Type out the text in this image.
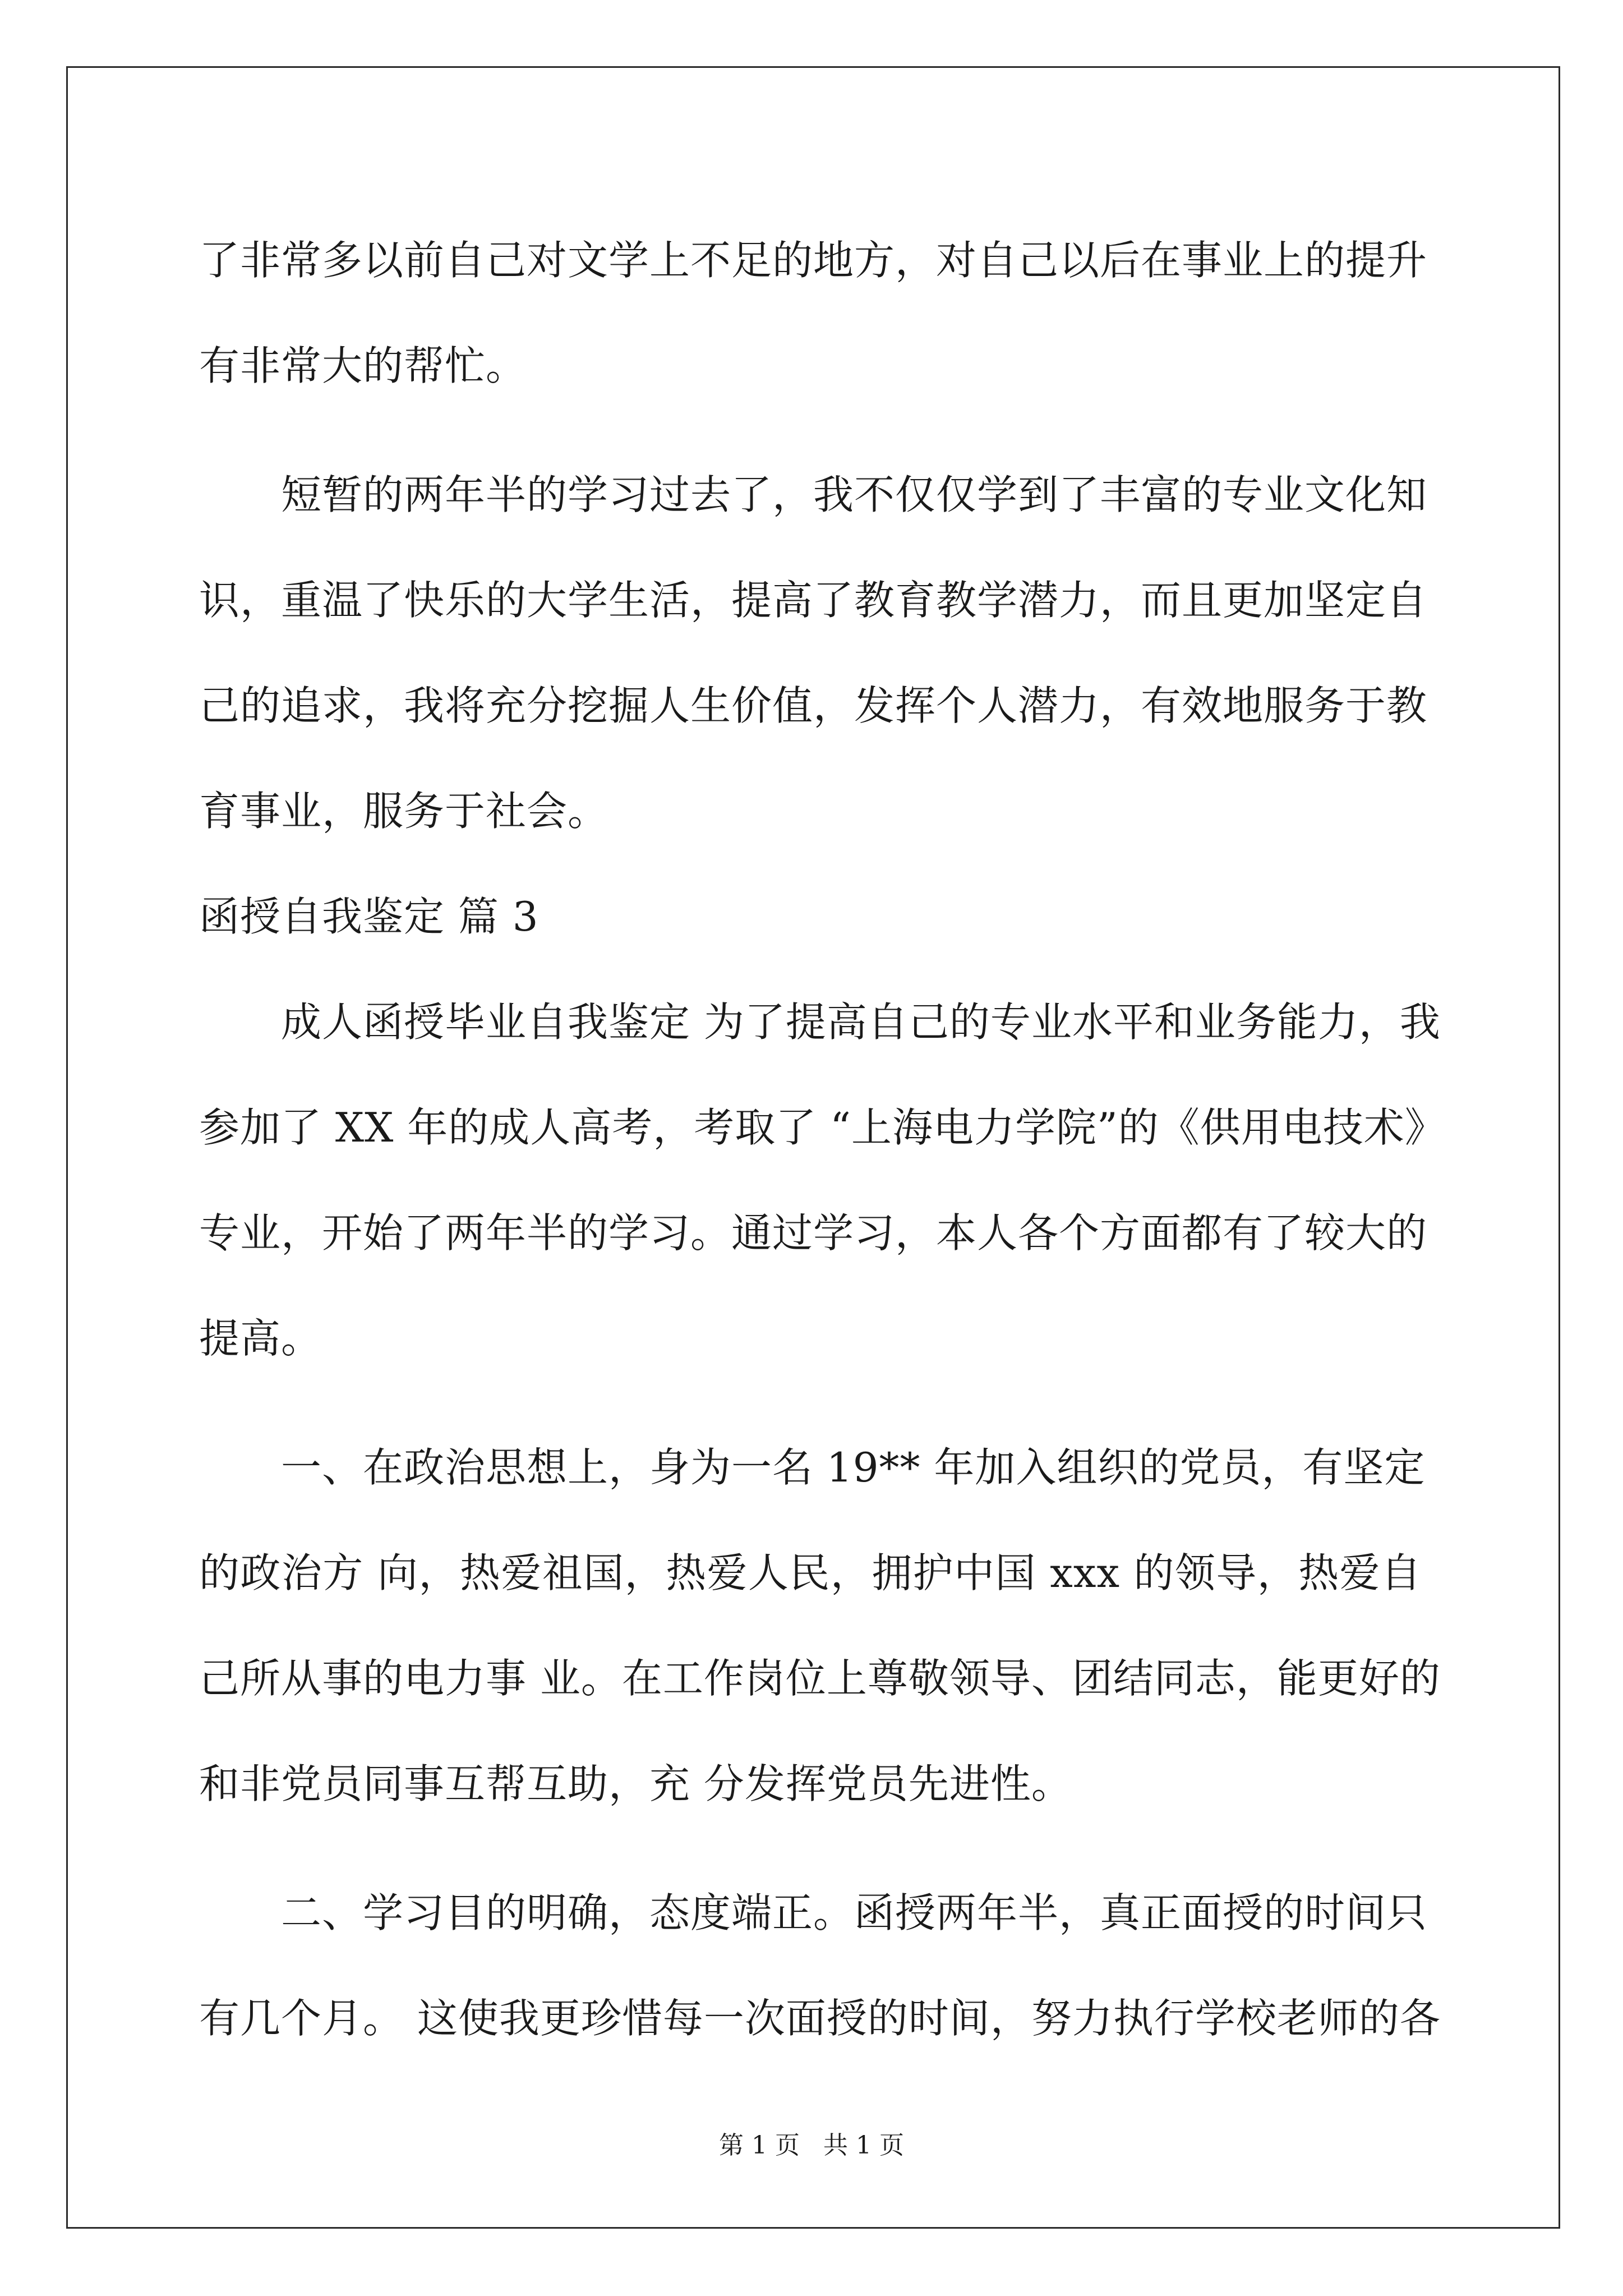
了非常多以前自己对文学上不足的地方，对自己以后在事业上的提升
有非常大的帮忙。
　　短暂的两年半的学习过去了，我不仅仅学到了丰富的专业文化知
识，重温了快乐的大学生活，提高了教育教学潜力，而且更加坚定自
己的追求，我将充分挖掘人生价值，发挥个人潜力，有效地服务于教
育事业，服务于社会。
函授自我鉴定 篇 3
　　成人函授毕业自我鉴定 为了提高自己的专业水平和业务能力，我
参加了 XX 年的成人高考，考取了 “上海电力学院”的《供用电技术》
专业，开始了两年半的学习。通过学习，本人各个方面都有了较大的
提高。
　　一、在政治思想上，身为一名 19** 年加入组织的党员，有坚定
的政治方 向，热爱祖国，热爱人民，拥护中国 xxx 的领导，热爱自
己所从事的电力事 业。在工作岗位上尊敬领导、团结同志，能更好的
和非党员同事互帮互助，充 分发挥党员先进性。
　　二、学习目的明确，态度端正。函授两年半，真正面授的时间只
有几个月。 这使我更珍惜每一次面授的时间，努力执行学校老师的各
第 1 页 共 1 页
